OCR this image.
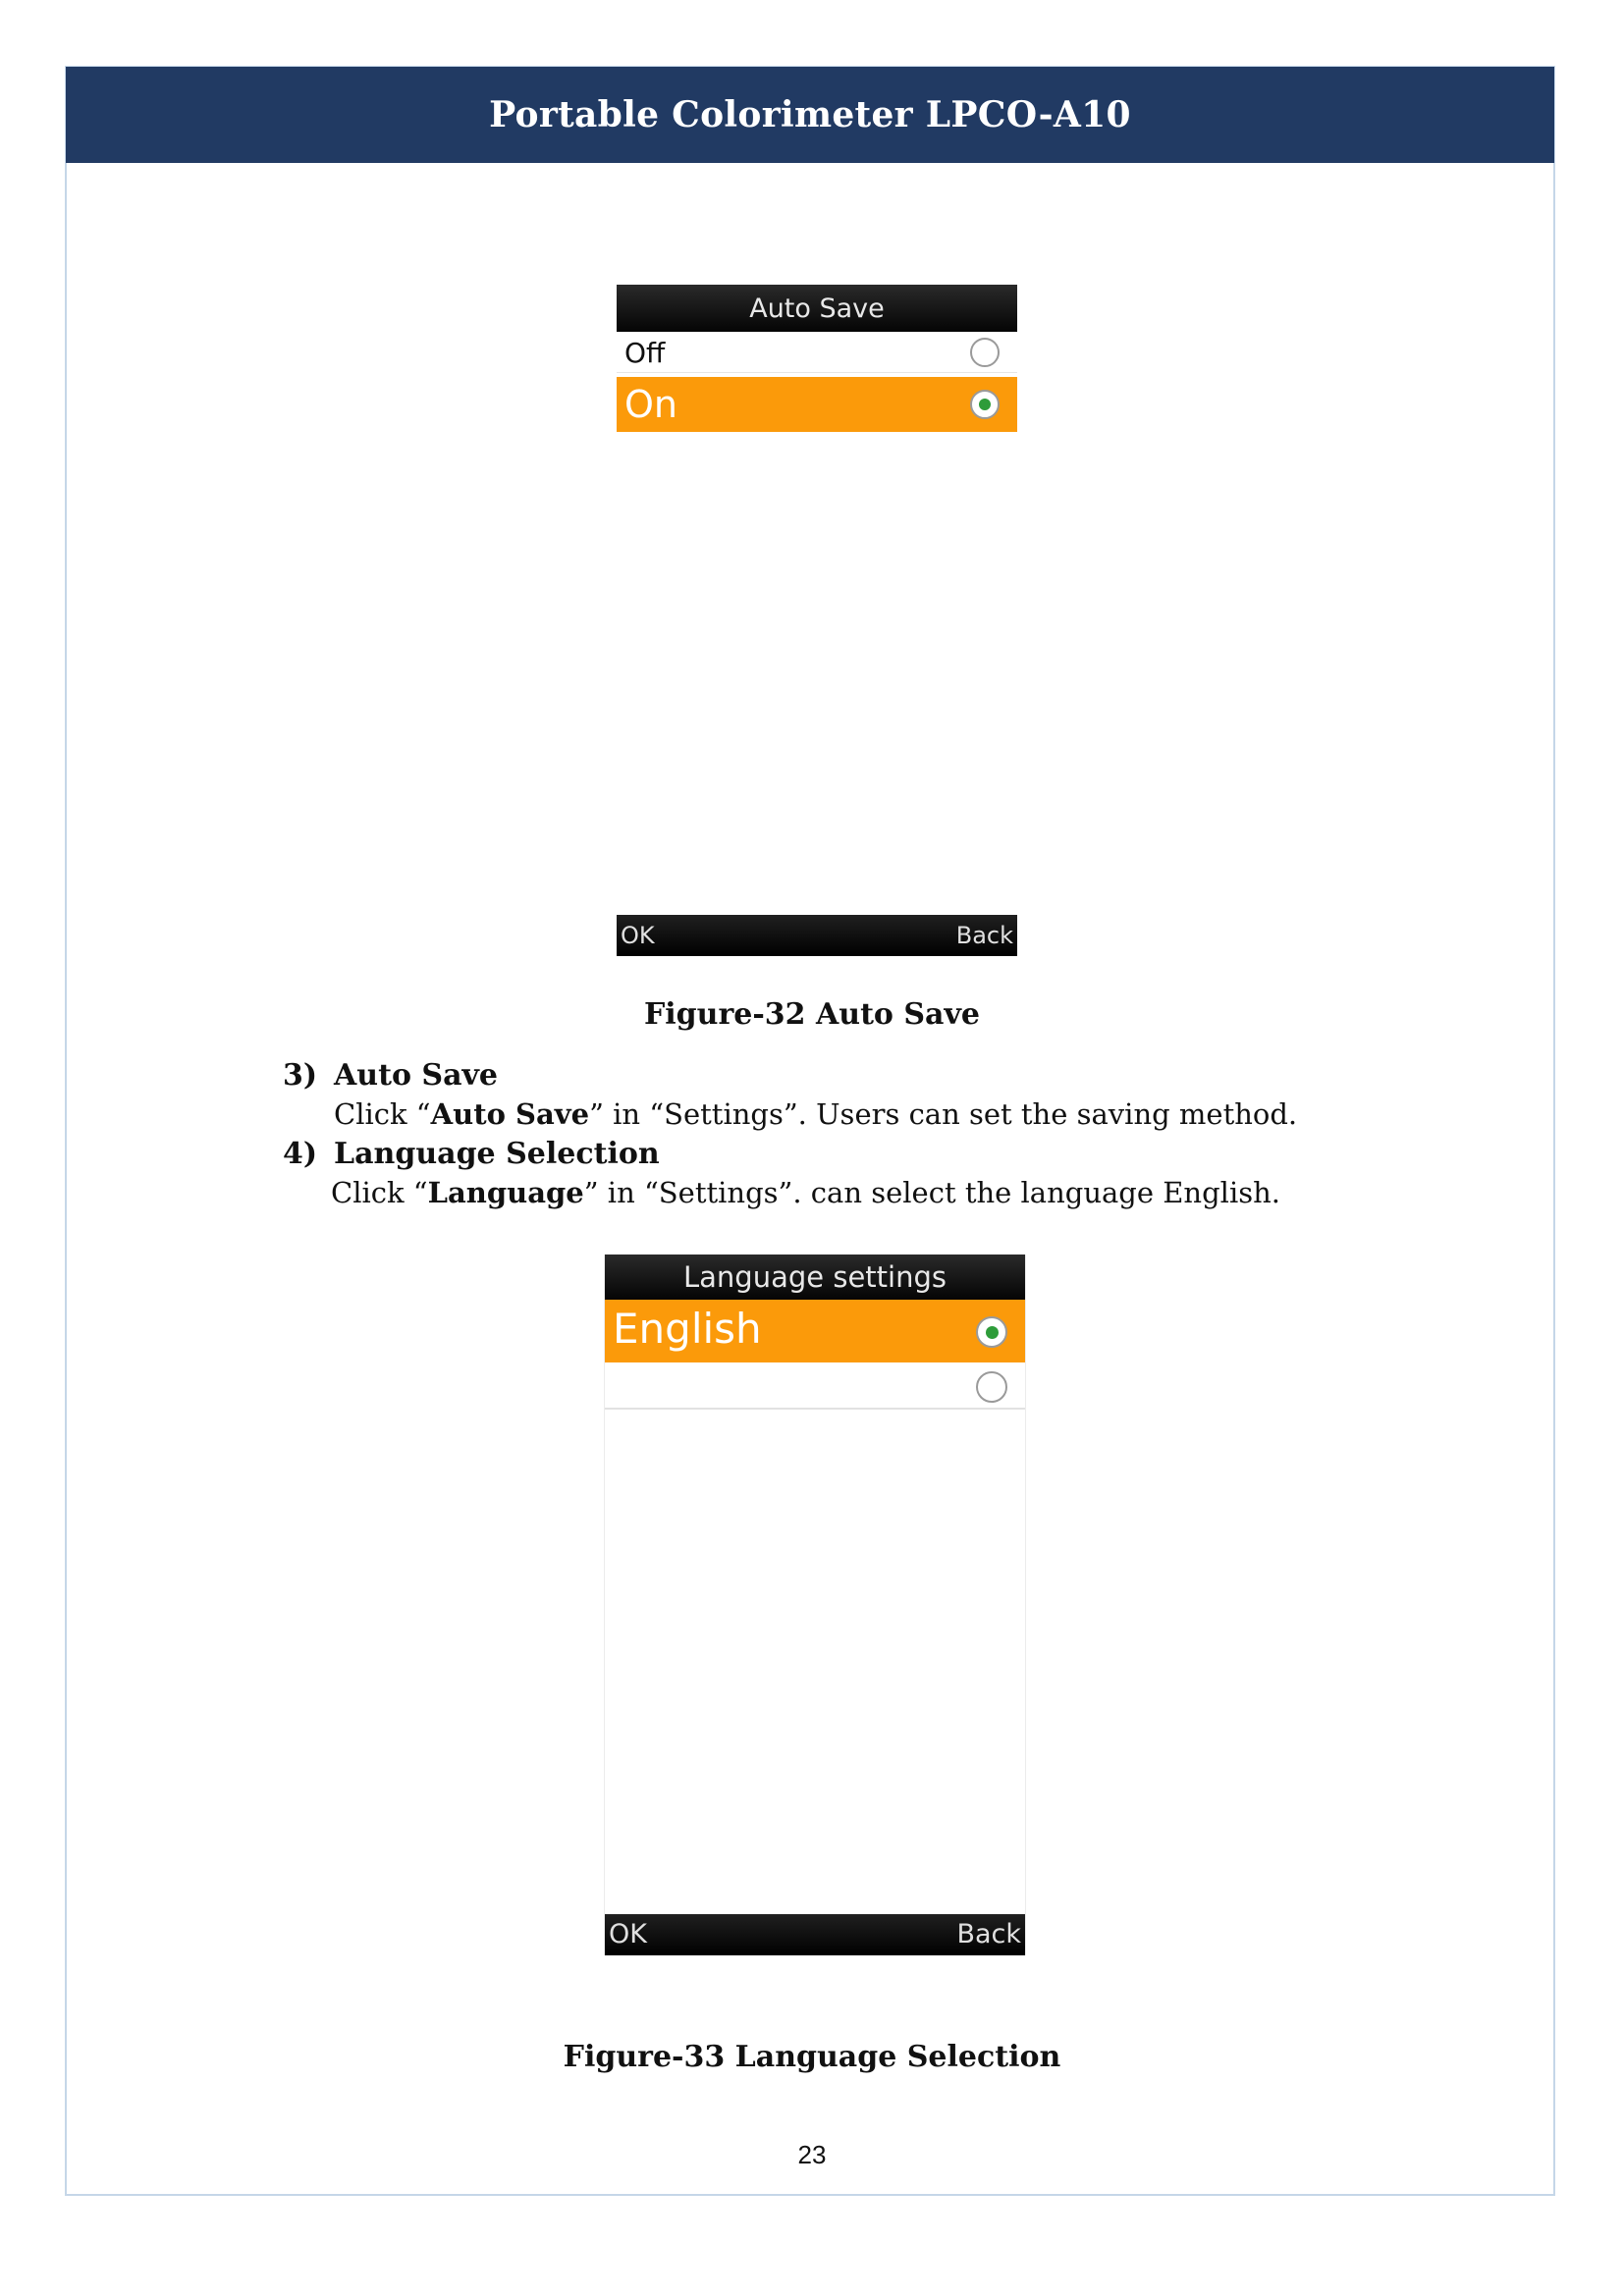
Portable Colorimeter LPCO-A10
Auto Save
Off
On
OK	Back
Figure-32 Auto Save
3) Auto Save
Click “Auto Save” in “Settings”. Users can set the saving method.
4) Language Selection
Click “Language” in “Settings”. can select the language English.
Language settings
English
OK	Back
Figure-33 Language Selection
23
